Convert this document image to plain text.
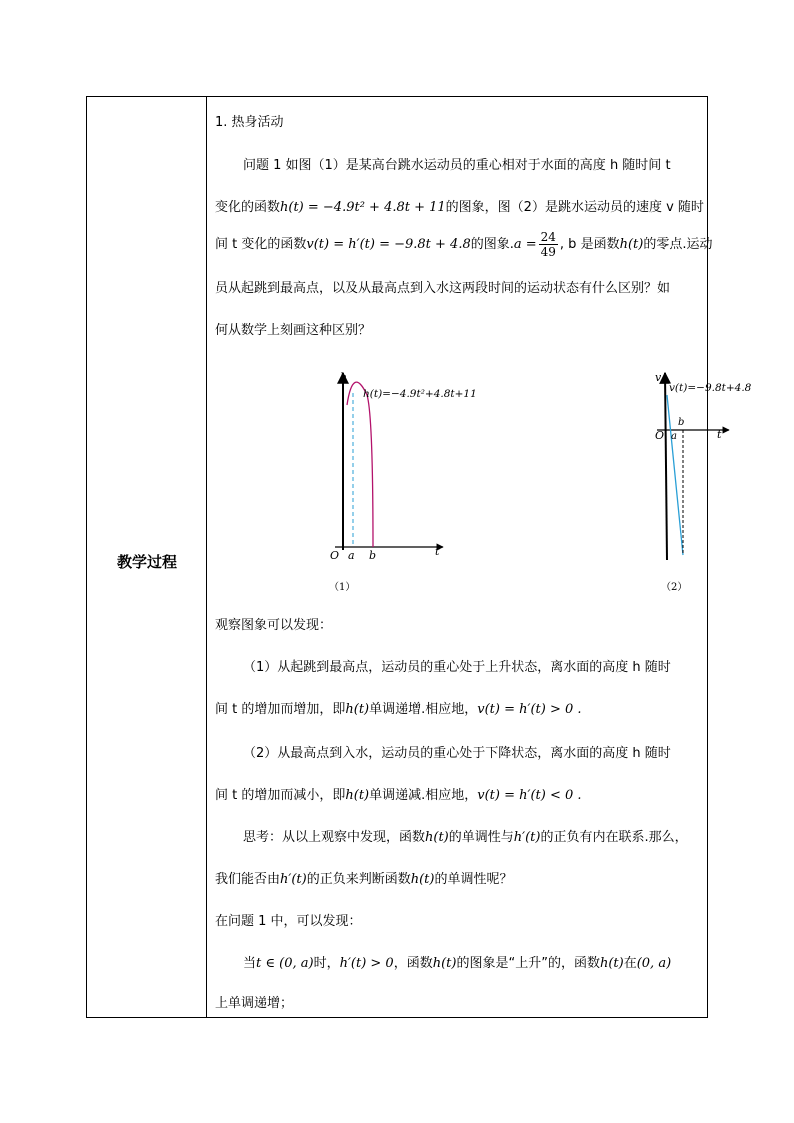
教学过程
1. 热身活动
问题 1 如图（1）是某高台跳水运动员的重心相对于水面的高度 h 随时间 t
变化的函数h(t) = −4.9t² + 4.8t + 11的图象，图（2）是跳水运动员的速度 v 随时
间 t 变化的函数v(t) = h′(t) = −9.8t + 4.8的图象$.a = \frac{24}{49}$ , b 是函数h(t)的零点.运动
员从起跳到最高点，以及从最高点到入水这两段时间的运动状态有什么区别？如
何从数学上刻画这种区别？
h
t
O a b
h(t)=−4.9t²+4.8t+11
（1）
v
t
O a
b
v(t)=−9.8t+4.8
（2）
观察图象可以发现：
（1）从起跳到最高点，运动员的重心处于上升状态，离水面的高度 h 随时
间 t 的增加而增加，即h(t)单调递增.相应地，v(t) = h′(t) > 0 .
（2）从最高点到入水，运动员的重心处于下降状态，离水面的高度 h 随时
间 t 的增加而减小，即h(t)单调递减.相应地，v(t) = h′(t) < 0 .
思考：从以上观察中发现，函数h(t)的单调性与h′(t)的正负有内在联系.那么，
我们能否由h′(t)的正负来判断函数h(t)的单调性呢？
在问题 1 中，可以发现：
当t ∈ (0, a)时，h′(t) > 0，函数h(t)的图象是“上升”的，函数h(t)在(0, a)
上单调递增；
